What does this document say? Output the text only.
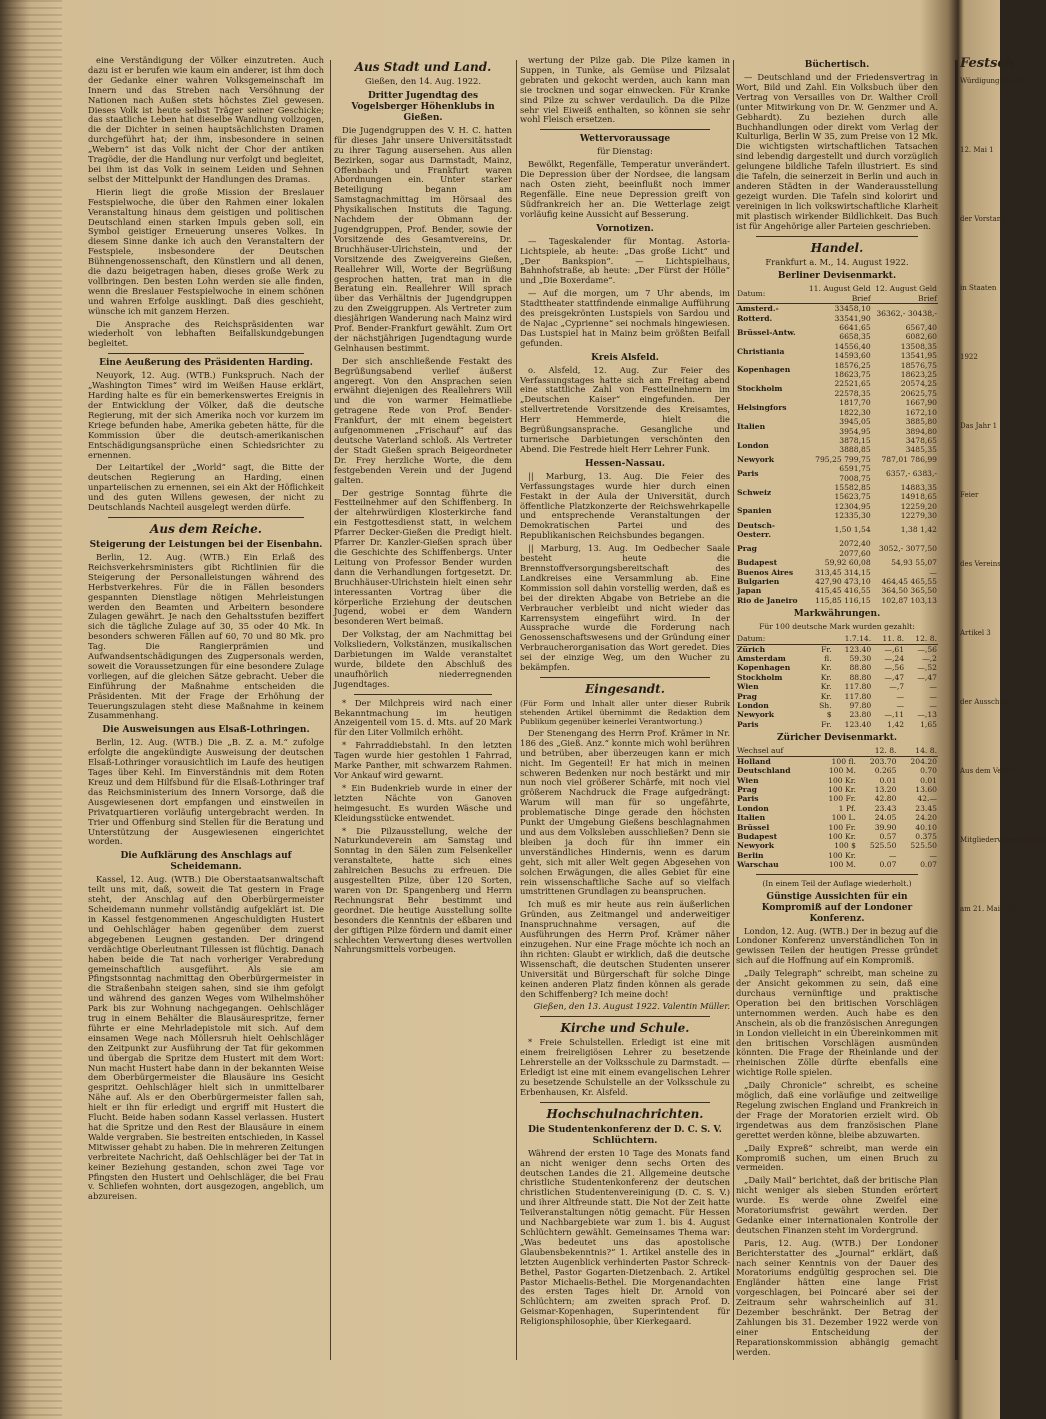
eine Verständigung der Völker einzutreten. Auch dazu ist er berufen wie kaum ein anderer, ist ihm doch der Gedanke einer wahren Volksgemeinschaft im Innern und das Streben nach Versöhnung der Nationen nach Außen stets höchstes Ziel gewesen. Dieses Volk ist heute selbst Träger seiner Geschicke; das staatliche Leben hat dieselbe Wandlung vollzogen, die der Dichter in seinen hauptsächlichsten Dramen durchgeführt hat; der ihm, insbesondere in seinen „Webern“ ist das Volk nicht der Chor der antiken Tragödie, der die Handlung nur verfolgt und begleitet, bei ihm ist das Volk in seinem Leiden und Sehnen selbst der Mittelpunkt der Handlungen des Dramas.

Hierin liegt die große Mission der Breslauer Festspielwoche, die über den Rahmen einer lokalen Veranstaltung hinaus dem geistigen und politischen Deutschland einen starken Impuls geben soll, ein Symbol geistiger Erneuerung unseres Volkes. In diesem Sinne danke ich auch den Veranstaltern der Festspiele, insbesondere der Deutschen Bühnengenossenschaft, den Künstlern und all denen, die dazu beigetragen haben, dieses große Werk zu vollbringen. Den besten Lohn werden sie alle finden, wenn die Breslauer Festspielwoche in einem schönen und wahren Erfolge ausklingt. Daß dies geschieht, wünsche ich mit ganzem Herzen.

Die Ansprache des Reichspräsidenten war wiederholt von lebhaften Beifallskundgebungen begleitet.

Eine Aeußerung des Präsidenten Harding.

Neuyork, 12. Aug. (WTB.) Funkspruch. Nach der „Washington Times“ wird im Weißen Hause erklärt, Harding halte es für ein bemerkenswertes Ereignis in der Entwicklung der Völker, daß die deutsche Regierung, mit der sich Amerika noch vor kurzem im Kriege befunden habe, Amerika gebeten hätte, für die Kommission über die deutsch-amerikanischen Entschädigungsansprüche einen Schiedsrichter zu ernennen.

Der Leitartikel der „World“ sagt, die Bitte der deutschen Regierung an Harding, einen unparteiischen zu ernennen, sei ein Akt der Höflichkeit und des guten Willens gewesen, der nicht zu Deutschlands Nachteil ausgelegt werden dürfe.

Aus dem Reiche.
Steigerung der Leistungen bei der Eisenbahn.

Berlin, 12. Aug. (WTB.) Ein Erlaß des Reichsverkehrsministers gibt Richtlinien für die Steigerung der Personalleistungen während des Herbstverkehres. Für die in Fällen besonders gespannten Dienstlage nötigen Mehrleistungen werden den Beamten und Arbeitern besondere Zulagen gewährt. Je nach den Gehaltsstufen beziffert sich die tägliche Zulage auf 30, 35 oder 40 Mk. In besonders schweren Fällen auf 60, 70 und 80 Mk. pro Tag. Die Rangierprämien und Aufwandsentschädigungen des Zugpersonals werden, soweit die Voraussetzungen für eine besondere Zulage vorliegen, auf die gleichen Sätze gebracht. Ueber die Einführung der Maßnahme entscheiden die Präsidenten. Mit der Frage der Erhöhung der Teuerungszulagen steht diese Maßnahme in keinem Zusammenhang.

Die Ausweisungen aus Elsaß-Lothringen.

Berlin, 12. Aug. (WTB.) Die „B. Z. a. M.“ zufolge erfolgte die angekündigte Ausweisung der deutschen Elsaß-Lothringer vorausichtlich im Laufe des heutigen Tages über Kehl. Im Einverständnis mit dem Roten Kreuz und dem Hilfsbund für die Elsaß-Lothringer traf das Reichsministerium des Innern Vorsorge, daß die Ausgewiesenen dort empfangen und einstweilen in Privatquartieren vorläufig untergebracht werden. In Trier und Offenburg sind Stellen für die Beratung und Unterstützung der Ausgewiesenen eingerichtet worden.

Die Aufklärung des Anschlags auf Scheidemann.

Kassel, 12. Aug. (WTB.) Die Oberstaatsanwaltschaft teilt uns mit, daß, soweit die Tat gestern in Frage steht, der Anschlag auf den Oberbürgermeister Scheidemann nunmehr vollständig aufgeklärt ist. Die in Kassel festgenommenen Angeschuldigten Hustert und Oehlschläger haben gegenüber dem zuerst abgegebenen Leugnen gestanden. Der dringend verdächtige Oberleutnant Tillessen ist flüchtig. Danach haben beide die Tat nach vorheriger Verabredung gemeinschaftlich ausgeführt. Als sie am Pfingstsonntag nachmittag den Oberbürgermeister in die Straßenbahn steigen sahen, sind sie ihm gefolgt und während des ganzen Weges vom Wilhelmshöher Park bis zur Wohnung nachgegangen. Oehlschläger trug in einem Behälter die Blausäurespritze, ferner führte er eine Mehrladepistole mit sich. Auf dem einsamen Wege nach Möllersruh hielt Oehlschläger den Zeitpunkt zur Ausführung der Tat für gekommen und übergab die Spritze dem Hustert mit dem Wort: Nun macht Hustert habe dann in der bekannten Weise dem Oberbürgermeister die Blausäure ins Gesicht gespritzt. Oehlschläger hielt sich in unmittelbarer Nähe auf. Als er den Oberbürgermeister fallen sah, hielt er ihn für erledigt und ergriff mit Hustert die Flucht. Beide haben sodann Kassel verlassen. Hustert hat die Spritze und den Rest der Blausäure in einem Walde vergraben. Sie bestreiten entschieden, in Kassel Mitwisser gehabt zu haben. Die in mehreren Zeitungen verbreitete Nachricht, daß Oehlschläger bei der Tat in keiner Beziehung gestanden, schon zwei Tage vor Pfingsten den Hustert und Oehlschläger, die bei Frau v. Schliefen wohnten, dort ausgezogen, angeblich, um abzureisen.

Aus Stadt und Land.

Gießen, den 14. Aug. 1922.

Dritter Jugendtag des Vogelsberger Höhenklubs in Gießen.

Die Jugendgruppen des V. H. C. hatten für dieses Jahr unsere Universitätsstadt zu ihrer Tagung ausersehen. Aus allen Bezirken, sogar aus Darmstadt, Mainz, Offenbach und Frankfurt waren Abordnungen ein. Unter starker Beteiligung begann am Samstagnachmittag im Hörsaal des Physikalischen Instituts die Tagung. Nachdem der Obmann der Jugendgruppen, Prof. Bender, sowie der Vorsitzende des Gesamtvereins, Dr. Bruchhäuser-Ulrichstein, und der Vorsitzende des Zweigvereins Gießen, Reallehrer Will, Worte der Begrüßung gesprochen hatten, trat man in die Beratung ein. Reallehrer Will sprach über das Verhältnis der Jugendgruppen zu den Zweiggruppen. Als Vertreter zum diesjährigen Wanderung nach Mainz wird Prof. Bender-Frankfurt gewählt. Zum Ort der nächstjährigen Jugendtagung wurde Gelnhausen bestimmt.

Der sich anschließende Festakt des Begrüßungsabend verlief äußerst angeregt. Von den Ansprachen seien erwähnt diejenigen des Reallehrers Will und die von warmer Heimatliebe getragene Rede von Prof. Bender-Frankfurt, der mit einem begeistert aufgenommenen „Frischauf“ auf das deutsche Vaterland schloß. Als Vertreter der Stadt Gießen sprach Beigeordneter Dr. Frey herzliche Worte, die dem festgebenden Verein und der Jugend galten.

Der gestrige Sonntag führte die Festteilnehmer auf den Schiffenberg. In der altehrwürdigen Klosterkirche fand ein Festgottesdienst statt, in welchem Pfarrer Decker-Gießen die Predigt hielt. Pfarrer Dr. Kanzler-Gießen sprach über die Geschichte des Schiffenbergs. Unter Leitung von Professor Bender wurden dann die Verhandlungen fortgesetzt. Dr. Bruchhäuser-Ulrichstein hielt einen sehr interessanten Vortrag über die körperliche Erziehung der deutschen Jugend, wobei er dem Wandern besonderen Wert beimaß.

Der Volkstag, der am Nachmittag bei Volksliedern, Volkstänzen, musikalischen Darbietungen im Walde veranstaltet wurde, bildete den Abschluß des unaufhörlich niederregnenden Jugendtages.

* Der Milchpreis wird nach einer Bekanntmachung im heutigen Anzeigenteil vom 15. d. Mts. auf 20 Mark für den Liter Vollmilch erhöht.

* Fahrraddiebstahl. In den letzten Tagen wurde hier gestohlen 1 Fahrrad, Marke Panther, mit schwarzem Rahmen. Vor Ankauf wird gewarnt.

* Ein Budenkrieb wurde in einer der letzten Nächte von Ganoven heimgesucht. Es wurden Wäsche und Kleidungsstücke entwendet.

* Die Pilzausstellung, welche der Naturkundeverein am Samstag und Sonntag in den Sälen zum Felsenkeller veranstaltete, hatte sich eines zahlreichen Besuchs zu erfreuen. Die ausgestellten Pilze, über 120 Sorten, waren von Dr. Spangenberg und Herrn Rechnungsrat Behr bestimmt und geordnet. Die heutige Ausstellung sollte besonders die Kenntnis der eßbaren und der giftigen Pilze fördern und damit einer schlechten Verwertung dieses wertvollen Nahrungsmittels vorbeugen.

wertung der Pilze gab. Die Pilze kamen in Suppen, in Tunke, als Gemüse und Pilzsalat gebraten und gekocht werden, auch kann man sie trocknen und sogar einwecken. Für Kranke sind Pilze zu schwer verdaulich. Da die Pilze sehr viel Eiweiß enthalten, so können sie sehr wohl Fleisch ersetzen.

Wettervoraussage

für Dienstag:

Bewölkt, Regenfälle, Temperatur unverändert. Die Depression über der Nordsee, die langsam nach Osten zieht, beeinflußt noch immer Regenfälle. Eine neue Depression greift von Südfrankreich her an. Die Wetterlage zeigt vorläufig keine Aussicht auf Besserung.

Vornotizen.

— Tageskalender für Montag. Astoria-Lichtspiele, ab heute: „Das große Licht“ und „Der Bankspion“. — Lichtspielhaus, Bahnhofstraße, ab heute: „Der Fürst der Hölle“ und „Die Boxerdame“.

— Auf die morgen, um 7 Uhr abends, im Stadttheater stattfindende einmalige Aufführung des preisgekrönten Lustspiels von Sardou und de Najac „Cyprienne“ sei nochmals hingewiesen. Das Lustspiel hat in Mainz beim größten Beifall gefunden.

Kreis Alsfeld.

o. Alsfeld, 12. Aug. Zur Feier des Verfassungstages hatte sich am Freitag abend eine stattliche Zahl von Festteilnehmern im „Deutschen Kaiser“ eingefunden. Der stellvertretende Vorsitzende des Kreisamtes, Herr Hemmerde, hielt die Begrüßungsansprache. Gesangliche und turnerische Darbietungen verschönten den Abend. Die Festrede hielt Herr Lehrer Funk.

Hessen-Nassau.

|| Marburg, 13. Aug. Die Feier des Verfassungstages wurde hier durch einen Festakt in der Aula der Universität, durch öffentliche Platzkonzerte der Reichswehrkapelle und entsprechende Veranstaltungen der Demokratischen Partei und des Republikanischen Reichsbundes begangen.

|| Marburg, 13. Aug. Im Oedbecher Saale besteht heute die Brennstoffversorgungsbereitschaft des Landkreises eine Versammlung ab. Eine Kommission soll dahin vorstellig werden, daß es bei der direkten Abgabe von Betriebe an die Verbraucher verbleibt und nicht wieder das Karrensystem eingeführt wird. In der Aussprache wurde die Forderung nach Genossenschaftswesens und der Gründung einer Verbraucherorganisation das Wort geredet. Dies sei der einzige Weg, um den Wucher zu bekämpfen.

Eingesandt.

(Für Form und Inhalt aller unter dieser Rubrik stehenden Artikel übernimmt die Redaktion dem Publikum gegenüber keinerlei Verantwortung.)

Der Stenengang des Herrn Prof. Krämer in Nr. 186 des „Gieß. Anz.“ konnte mich wohl berühren und betrüben, aber überzeugen kann er mich nicht. Im Gegenteil! Er hat mich in meinen schweren Bedenken nur noch bestärkt und mir nun noch viel größerer Schärfe, mit noch viel größerem Nachdruck die Frage aufgedrängt: Warum will man für so ungefährte, problematische Dinge gerade den höchsten Punkt der Umgebung Gießens beschlagnahmen und aus dem Volksleben ausschließen? Denn sie bleiben ja doch für ihn immer ein unverständliches Hindernis, wenn es darum geht, sich mit aller Welt gegen Abgesehen von solchen Erwägungen, die alles Gebiet für eine rein wissenschaftliche Sache auf so vielfach umstrittenen Grundlagen zu beanspruchen.

Ich muß es mir heute aus rein äußerlichen Gründen, aus Zeitmangel und anderweitiger Inanspruchnahme versagen, auf die Ausführungen des Herrn Prof. Krämer näher einzugehen. Nur eine Frage möchte ich noch an ihn richten: Glaubt er wirklich, daß die deutsche Wissenschaft, die deutschen Studenten unserer Universität und Bürgerschaft für solche Dinge keinen anderen Platz finden können als gerade den Schiffenberg? Ich meine doch!

Gießen, den 13. August 1922. Valentin Müller.

Kirche und Schule.

* Freie Schulstellen. Erledigt ist eine mit einem freireligiösen Lehrer zu besetzende Lehrerstelle an der Volksschule zu Darmstadt. — Erledigt ist eine mit einem evangelischen Lehrer zu besetzende Schulstelle an der Volksschule zu Erbenhausen, Kr. Alsfeld.

Hochschulnachrichten.
Die Studentenkonferenz der D. C. S. V. Schlüchtern.

Während der ersten 10 Tage des Monats fand an nicht weniger denn sechs Orten des deutschen Landes die 21. Allgemeine deutsche christliche Studentenkonferenz der deutschen christlichen Studentenvereinigung (D. C. S. V.) und ihrer Altfreunde statt. Die Not der Zeit hatte Teilveranstaltungen nötig gemacht. Für Hessen und Nachbargebiete war zum 1. bis 4. August Schlüchtern gewählt. Gemeinsames Thema war: „Was bedeutet uns das apostolische Glaubensbekenntnis?“ 1. Artikel anstelle des in letzten Augenblick verhinderten Pastor Schreck-Bethel, Pastor Gogarten-Dietzenbach. 2. Artikel Pastor Michaelis-Bethel. Die Morgenandachten des ersten Tages hielt Dr. Arnold von Schlüchtern; am zweiten sprach Prof. D. Geismar-Kopenhagen, Superintendent für Religionsphilosophie, über Kierkegaard.

Büchertisch.

— Deutschland und der Friedensvertrag in Wort, Bild und Zahl. Ein Volksbuch über den Vertrag von Versailles von Dr. Walther Croll (unter Mitwirkung von Dr. W. Genzmer und A. Gebhardt). Zu beziehen durch alle Buchhandlungen oder direkt vom Verlag der Kulturliga, Berlin W 35, zum Preise von 12 Mk. Die wichtigsten wirtschaftlichen Tatsachen sind lebendig dargestellt und durch vorzüglich gelungene bildliche Tafeln illustriert. Es sind die Tafeln, die seinerzeit in Berlin und auch in anderen Städten in der Wanderausstellung gezeigt wurden. Die Tafeln sind kolorirt und vereinigen in lich volkswirtschaftliche Klarheit mit plastisch wirkender Bildlichkeit. Das Buch ist für Angehörige aller Parteien geschrieben.

Handel.

Frankfurt a. M., 14. August 1922.

Berliner Devisenmarkt.
Datum:	11. August Geld Brief	12. August Geld Brief
Amsterd.-Rotterd.	33458,10 33541,90	36362,- 30438,-
Brüssel-Antw.	6641,65 6658,35	6567,40 6082,60
Christiania	14556,40 14593,60	13508,35 13541,95
Kopenhagen	18576,25 18623,75	18576,75 18623,25
Stockholm	22521,65 22578,35	20574,25 20625,75
Helsingfors	1817,70 1822,30	1667,90 1672,10
Italien	3945,05 3954,95	3885,80 3894,80
London	3878,15 3888,85	3478,65 3485,35
Newyork	795,25 799,75	787,01 786,99
Paris	6591,75 7008,75	6357,- 6383,-
Schweiz	15582,85 15623,75	14883,35 14918,65
Spanien	12304,95 12335,30	12259,20 12279,30
Deutsch-Oesterr.	1,50 1,54	1,38 1,42
Prag	2072,40 2077,60	3052,- 3077,50
Budapest	59,92 60,08	54,93 55,07
Buenos Aires	313,45 314,15	—
Bulgarien	427,90 473,10	464,45 465,55
Japan	415,45 416,55	364,50 365,50
Rio de Janeiro	115,85 116,15	102,87 103,13
Markwährungen.

Für 100 deutsche Mark wurden gezahlt:

Datum:		1.7.14.	11. 8.	12. 8.
Zürich	Fr.	123.40	—,61	—,56
Amsterdam	fl.	59.30	—,24	—,2
Kopenhagen	Kr.	88.80	—,56	—,52
Stockholm	Kr.	88.80	—,47	—,47
Wien	Kr.	117.80	—,7	—
Prag	Kr.	117.80	—	—
London	Sh.	97.80	—	—
Newyork	$	23.80	—,11	—,13
Paris	Fr.	123.40	1,42	1,65
Züricher Devisenmarkt.
Wechsel auf		12. 8.	14. 8.
Holland	100 fl.	203.70	204.20
Deutschland	100 M.	0.265	0.70
Wien	100 Kr.	0.01	0.01
Prag	100 Kr.	13.20	13.60
Paris	100 Fr.	42.80	42.—
London	1 Pf.	23.43	23.45
Italien	100 L.	24.05	24.20
Brüssel	100 Fr.	39.90	40.10
Budapest	100 Kr.	0.57	0.375
Newyork	100 $	525.50	525.50
Berlin	100 Kr.	—	—
Warschau	100 M.	0.07	0.07

(In einem Teil der Auflage wiederholt.)

Günstige Aussichten für ein Kompromiß auf der Londoner Konferenz.

London, 12. Aug. (WTB.) Der in bezug auf die Londoner Konferenz unverständlichen Ton in gewissen Teilen der heutigen Presse gründet sich auf die Hoffnung auf ein Kompromiß.

„Daily Telegraph“ schreibt, man scheine zu der Ansicht gekommen zu sein, daß eine durchaus vernünftige und praktische Operation bei den britischen Vorschlägen unternommen werden. Auch habe es den Anschein, als ob die französischen Anregungen in London vielleicht in ein Übereinkommen mit den britischen Vorschlägen ausmünden könnten. Die Frage der Rheinlande und der rheinischen Zölle dürfte ebenfalls eine wichtige Rolle spielen.

„Daily Chronicle“ schreibt, es scheine möglich, daß eine vorläufige und zeitweilige Regelung zwischen England und Frankreich in der Frage der Moratorien erzielt wird. Ob irgendetwas aus dem französischen Plane gerettet werden könne, bleibe abzuwarten.

„Daily Expreß“ schreibt, man werde ein Kompromiß suchen, um einen Bruch zu vermeiden.

„Daily Mail“ berichtet, daß der britische Plan nicht weniger als sieben Stunden erörtert wurde. Es werde ohne Zweifel eine Moratoriumsfrist gewährt werden. Der Gedanke einer internationalen Kontrolle der deutschen Finanzen steht im Vordergrund.

Paris, 12. Aug. (WTB.) Der Londoner Berichterstatter des „Journal“ erklärt, daß nach seiner Kenntnis von der Dauer des Moratoriums endgültig gesprochen sei. Die Engländer hätten eine lange Frist vorgeschlagen, bei Poincaré aber sei der Zeitraum sehr wahrscheinlich auf 31. Dezember beschränkt. Der Betrag der Zahlungen bis 31. Dezember 1922 werde von einer Entscheidung der Reparationskommission abhängig gemacht werden.

Festsch
Würdigung des Ju
12. Mai 1
der Vorstand
in Staaten
1922
Das Jahr 1
Feier
des Vereins
Artikel 3
der Ausschuß
Aus dem Verein
Mitgliederversammlung
am 21. Mai 192
